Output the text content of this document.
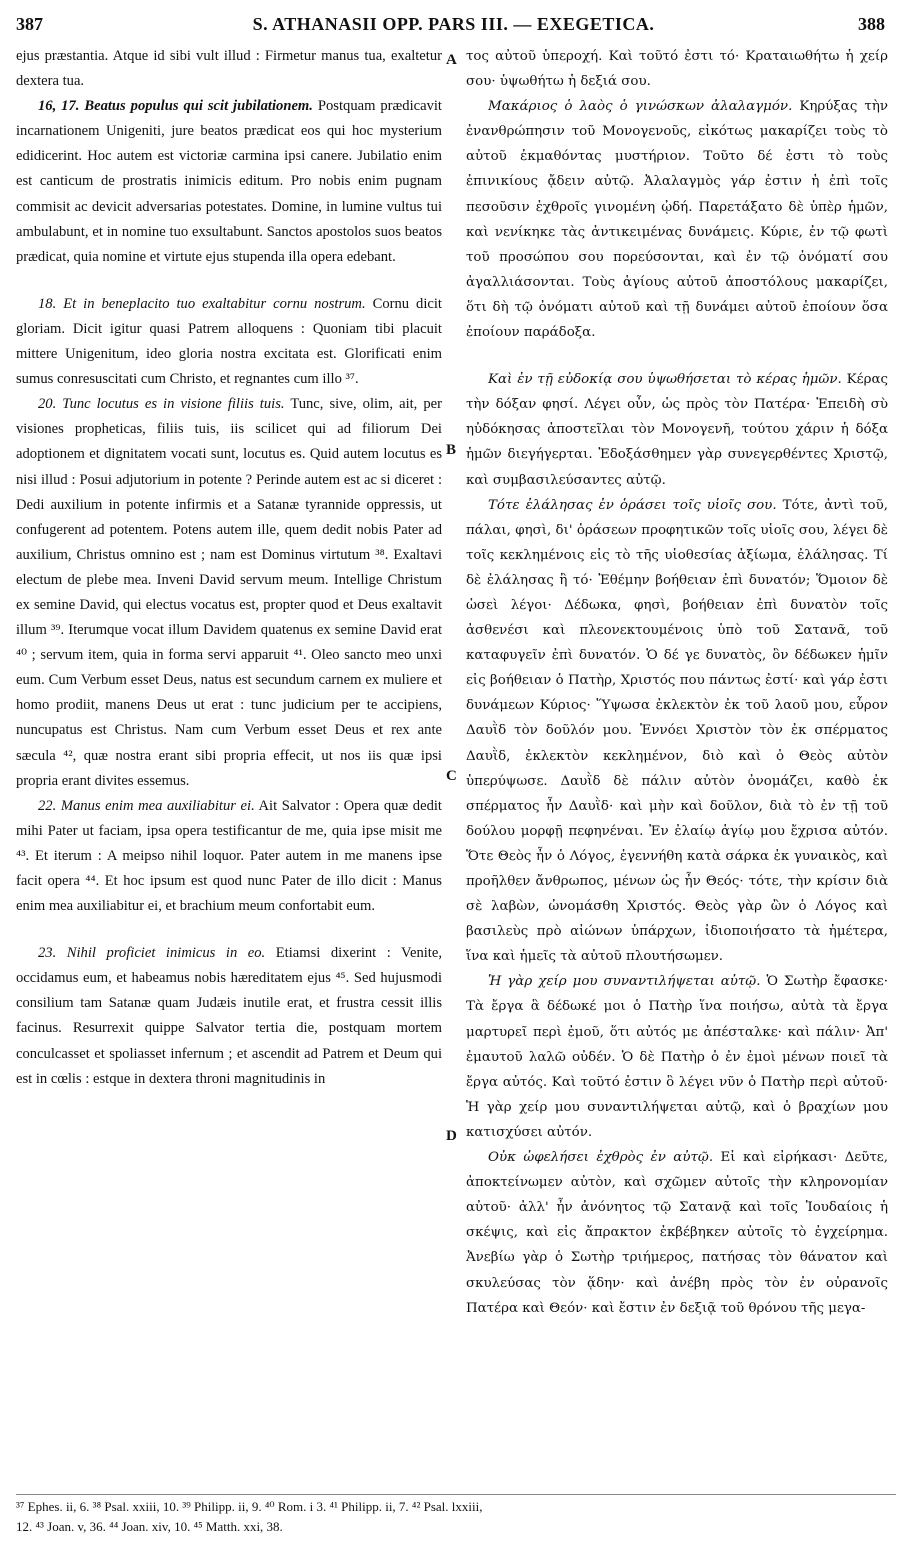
387	S. ATHANASII OPP. PARS III. — EXEGETICA.	388
A
B
C
D

ejus præstantia. Atque id sibi vult illud : Firmetur manus tua, exaltetur dextera tua.

16, 17. Beatus populus qui scit jubilationem. Postquam prædicavit incarnationem Unigeniti, jure beatos prædicat eos qui hoc mysterium edidicerint. Hoc autem est victoriæ carmina ipsi canere. Jubilatio enim est canticum de prostratis inimicis editum. Pro nobis enim pugnam commisit ac devicit adversarias potestates. Domine, in lumine vultus tui ambulabunt, et in nomine tuo exsultabunt. Sanctos apostolos suos beatos prædicat, quia nomine et virtute ejus stupenda illa opera edebant.

18. Et in beneplacito tuo exaltabitur cornu nostrum. Cornu dicit gloriam. Dicit igitur quasi Patrem alloquens : Quoniam tibi placuit mittere Unigenitum, ideo gloria nostra excitata est. Glorificati enim sumus conresuscitati cum Christo, et regnantes cum illo ³⁷.

20. Tunc locutus es in visione filiis tuis. Tunc, sive, olim, ait, per visiones propheticas, filiis tuis, iis scilicet qui ad filiorum Dei adoptionem et dignitatem vocati sunt, locutus es. Quid autem locutus es nisi illud : Posui adjutorium in potente ? Perinde autem est ac si diceret : Dedi auxilium in potente infirmis et a Satanæ tyrannide oppressis, ut confugerent ad potentem. Potens autem ille, quem dedit nobis Pater ad auxilium, Christus omnino est ; nam est Dominus virtutum ³⁸. Exaltavi electum de plebe mea. Inveni David servum meum. Intellige Christum ex semine David, qui electus vocatus est, propter quod et Deus exaltavit illum ³⁹. Iterumque vocat illum Davidem quatenus ex semine David erat ⁴⁰ ; servum item, quia in forma servi apparuit ⁴¹. Oleo sancto meo unxi eum. Cum Verbum esset Deus, natus est secundum carnem ex muliere et homo prodiit, manens Deus ut erat : tunc judicium per te accipiens, nuncupatus est Christus. Nam cum Verbum esset Deus et rex ante sæcula ⁴², quæ nostra erant sibi propria effecit, ut nos iis quæ ipsi propria erant divites essemus.

22. Manus enim mea auxiliabitur ei. Ait Salvator : Opera quæ dedit mihi Pater ut faciam, ipsa opera testificantur de me, quia ipse misit me ⁴³. Et iterum : A meipso nihil loquor. Pater autem in me manens ipse facit opera ⁴⁴. Et hoc ipsum est quod nunc Pater de illo dicit : Manus enim mea auxiliabitur ei, et brachium meum confortabit eum.

23. Nihil proficiet inimicus in eo. Etiamsi dixerint : Venite, occidamus eum, et habeamus nobis hæreditatem ejus ⁴⁵. Sed hujusmodi consilium tam Satanæ quam Judæis inutile erat, et frustra cessit illis facinus. Resurrexit quippe Salvator tertia die, postquam mortem conculcasset et spoliasset infernum ; et ascendit ad Patrem et Deum qui est in cœlis : estque in dextera throni magnitudinis in

τος αὐτοῦ ὑπεροχή. Καὶ τοῦτό ἐστι τό· Κραταιωθήτω ἡ χείρ σου· ὑψωθήτω ἡ δεξιά σου.

Μακάριος ὁ λαὸς ὁ γινώσκων ἀλαλαγμόν. Κηρύξας τὴν ἐνανθρώπησιν τοῦ Μονογενοῦς, εἰκότως μακαρίζει τοὺς τὸ αὐτοῦ ἐκμαθόντας μυστήριον. Τοῦτο δέ ἐστι τὸ τοὺς ἐπινικίους ᾄδειν αὐτῷ. Ἀλαλαγμὸς γάρ ἐστιν ἡ ἐπὶ τοῖς πεσοῦσιν ἐχθροῖς γινομένη ᾠδή. Παρετάξατο δὲ ὑπὲρ ἡμῶν, καὶ νενίκηκε τὰς ἀντικειμένας δυνάμεις. Κύριε, ἐν τῷ φωτὶ τοῦ προσώπου σου πορεύσονται, καὶ ἐν τῷ ὀνόματί σου ἀγαλλιάσονται. Τοὺς ἁγίους αὐτοῦ ἀποστόλους μακαρίζει, ὅτι δὴ τῷ ὀνόματι αὐτοῦ καὶ τῇ δυνάμει αὐτοῦ ἐποίουν ὅσα ἐποίουν παράδοξα.

Καὶ ἐν τῇ εὐδοκίᾳ σου ὑψωθήσεται τὸ κέρας ἡμῶν. Κέρας τὴν δόξαν φησί. Λέγει οὖν, ὡς πρὸς τὸν Πατέρα· Ἐπειδὴ σὺ ηὐδόκησας ἀποστεῖλαι τὸν Μονογενῆ, τούτου χάριν ἡ δόξα ἡμῶν διεγήγερται. Ἐδοξάσθημεν γὰρ συνεγερθέντες Χριστῷ, καὶ συμβασιλεύσαντες αὐτῷ.

Τότε ἐλάλησας ἐν ὁράσει τοῖς υἱοῖς σου. Τότε, ἀντὶ τοῦ, πάλαι, φησὶ, δι' ὁράσεων προφητικῶν τοῖς υἱοῖς σου, λέγει δὲ τοῖς κεκλημένοις εἰς τὸ τῆς υἱοθεσίας ἀξίωμα, ἐλάλησας. Τί δὲ ἐλάλησας ἢ τό· Ἐθέμην βοήθειαν ἐπὶ δυνατόν; Ὅμοιον δὲ ὡσεὶ λέγοι· Δέδωκα, φησὶ, βοήθειαν ἐπὶ δυνατὸν τοῖς ἀσθενέσι καὶ πλεονεκτουμένοις ὑπὸ τοῦ Σατανᾶ, τοῦ καταφυγεῖν ἐπὶ δυνατόν. Ὁ δέ γε δυνατὸς, ὃν δέδωκεν ἡμῖν εἰς βοήθειαν ὁ Πατὴρ, Χριστός που πάντως ἐστί· καὶ γάρ ἐστι δυνάμεων Κύριος· Ὕψωσα ἐκλεκτὸν ἐκ τοῦ λαοῦ μου, εὗρον Δαυῒδ τὸν δοῦλόν μου. Ἐννόει Χριστὸν τὸν ἐκ σπέρματος Δαυῒδ, ἐκλεκτὸν κεκλημένον, διὸ καὶ ὁ Θεὸς αὐτὸν ὑπερύψωσε. Δαυῒδ δὲ πάλιν αὐτὸν ὀνομάζει, καθὸ ἐκ σπέρματος ἦν Δαυῒδ· καὶ μὴν καὶ δοῦλον, διὰ τὸ ἐν τῇ τοῦ δούλου μορφῇ πεφηνέναι. Ἐν ἐλαίῳ ἁγίῳ μου ἔχρισα αὐτόν. Ὅτε Θεὸς ἦν ὁ Λόγος, ἐγεννήθη κατὰ σάρκα ἐκ γυναικὸς, καὶ προῆλθεν ἄνθρωπος, μένων ὡς ἦν Θεός· τότε, τὴν κρίσιν διὰ σὲ λαβὼν, ὠνομάσθη Χριστός. Θεὸς γὰρ ὢν ὁ Λόγος καὶ βασιλεὺς πρὸ αἰώνων ὑπάρχων, ἰδιοποιήσατο τὰ ἡμέτερα, ἵνα καὶ ἡμεῖς τὰ αὐτοῦ πλουτήσωμεν.

Ἡ γὰρ χείρ μου συναντιλήψεται αὐτῷ. Ὁ Σωτὴρ ἔφασκε· Τὰ ἔργα ἃ δέδωκέ μοι ὁ Πατὴρ ἵνα ποιήσω, αὐτὰ τὰ ἔργα μαρτυρεῖ περὶ ἐμοῦ, ὅτι αὐτός με ἀπέσταλκε· καὶ πάλιν· Ἀπ' ἐμαυτοῦ λαλῶ οὐδέν. Ὁ δὲ Πατὴρ ὁ ἐν ἐμοὶ μένων ποιεῖ τὰ ἔργα αὐτός. Καὶ τοῦτό ἐστιν ὃ λέγει νῦν ὁ Πατὴρ περὶ αὐτοῦ· Ἡ γὰρ χείρ μου συναντιλήψεται αὐτῷ, καὶ ὁ βραχίων μου κατισχύσει αὐτόν.

Οὐκ ὠφελήσει ἐχθρὸς ἐν αὐτῷ. Εἰ καὶ εἰρήκασι· Δεῦτε, ἀποκτείνωμεν αὐτὸν, καὶ σχῶμεν αὐτοῖς τὴν κληρονομίαν αὐτοῦ· ἀλλ' ἦν ἀνόνητος τῷ Σατανᾷ καὶ τοῖς Ἰουδαίοις ἡ σκέψις, καὶ εἰς ἄπρακτον ἐκβέβηκεν αὐτοῖς τὸ ἐγχείρημα. Ἀνεβίω γὰρ ὁ Σωτὴρ τριήμερος, πατήσας τὸν θάνατον καὶ σκυλεύσας τὸν ᾅδην· καὶ ἀνέβη πρὸς τὸν ἐν οὐρανοῖς Πατέρα καὶ Θεόν· καὶ ἔστιν ἐν δεξιᾷ τοῦ θρόνου τῆς μεγα-

³⁷ Ephes. ii, 6. ³⁸ Psal. xxiii, 10. ³⁹ Philipp. ii, 9. ⁴⁰ Rom. i 3. ⁴¹ Philipp. ii, 7. ⁴² Psal. lxxiii,
12. ⁴³ Joan. v, 36. ⁴⁴ Joan. xiv, 10. ⁴⁵ Matth. xxi, 38.
